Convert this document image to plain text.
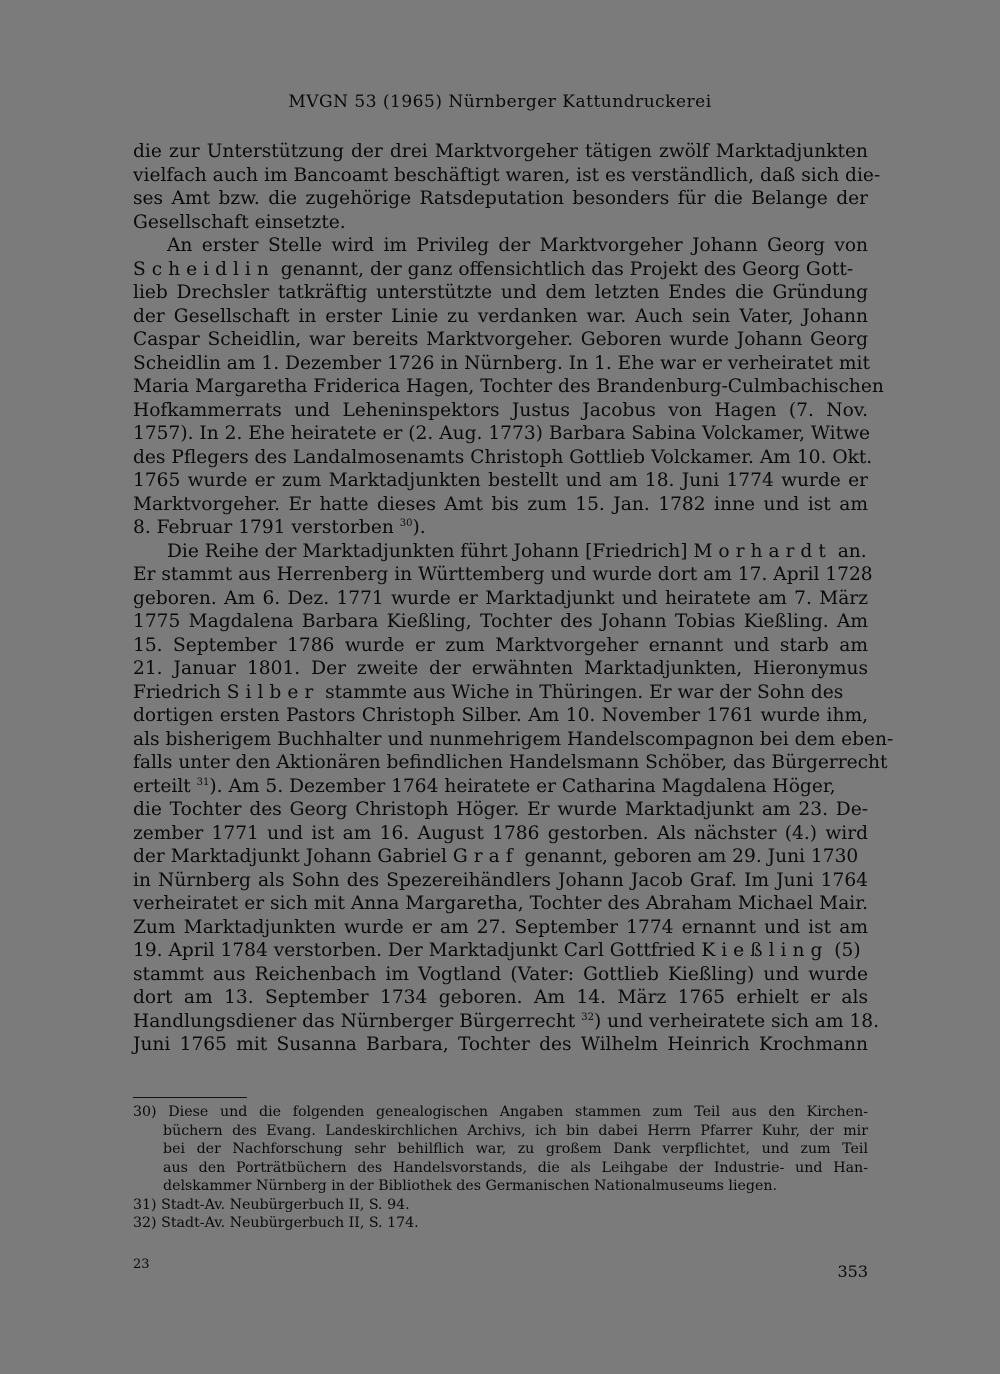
MVGN 53 (1965) Nürnberger Kattundruckerei
die zur Unterstützung der drei Marktvorgeher tätigen zwölf Marktadjunkten
vielfach auch im Bancoamt beschäftigt waren, ist es verständlich, daß sich die-
ses Amt bzw. die zugehörige Ratsdeputation besonders für die Belange der
Gesellschaft einsetzte.
An erster Stelle wird im Privileg der Marktvorgeher Johann Georg von
Scheidlin genannt, der ganz offensichtlich das Projekt des Georg Gott-
lieb Drechsler tatkräftig unterstützte und dem letzten Endes die Gründung
der Gesellschaft in erster Linie zu verdanken war. Auch sein Vater, Johann
Caspar Scheidlin, war bereits Marktvorgeher. Geboren wurde Johann Georg
Scheidlin am 1. Dezember 1726 in Nürnberg. In 1. Ehe war er verheiratet mit
Maria Margaretha Friderica Hagen, Tochter des Brandenburg-Culmbachischen
Hofkammerrats und Leheninspektors Justus Jacobus von Hagen (7. Nov.
1757). In 2. Ehe heiratete er (2. Aug. 1773) Barbara Sabina Volckamer, Witwe
des Pflegers des Landalmosenamts Christoph Gottlieb Volckamer. Am 10. Okt.
1765 wurde er zum Marktadjunkten bestellt und am 18. Juni 1774 wurde er
Marktvorgeher. Er hatte dieses Amt bis zum 15. Jan. 1782 inne und ist am
8. Februar 1791 verstorben $^{30}$).
Die Reihe der Marktadjunkten führt Johann [Friedrich] Morhardt an.
Er stammt aus Herrenberg in Württemberg und wurde dort am 17. April 1728
geboren. Am 6. Dez. 1771 wurde er Marktadjunkt und heiratete am 7. März
1775 Magdalena Barbara Kießling, Tochter des Johann Tobias Kießling. Am
15. September 1786 wurde er zum Marktvorgeher ernannt und starb am
21. Januar 1801. Der zweite der erwähnten Marktadjunkten, Hieronymus
Friedrich Silber stammte aus Wiche in Thüringen. Er war der Sohn des
dortigen ersten Pastors Christoph Silber. Am 10. November 1761 wurde ihm,
als bisherigem Buchhalter und nunmehrigem Handelscompagnon bei dem eben-
falls unter den Aktionären befindlichen Handelsmann Schöber, das Bürgerrecht
erteilt $^{31}$). Am 5. Dezember 1764 heiratete er Catharina Magdalena Höger,
die Tochter des Georg Christoph Höger. Er wurde Marktadjunkt am 23. De-
zember 1771 und ist am 16. August 1786 gestorben. Als nächster (4.) wird
der Marktadjunkt Johann Gabriel Graf genannt, geboren am 29. Juni 1730
in Nürnberg als Sohn des Spezereihändlers Johann Jacob Graf. Im Juni 1764
verheiratet er sich mit Anna Margaretha, Tochter des Abraham Michael Mair.
Zum Marktadjunkten wurde er am 27. September 1774 ernannt und ist am
19. April 1784 verstorben. Der Marktadjunkt Carl Gottfried Kießling (5)
stammt aus Reichenbach im Vogtland (Vater: Gottlieb Kießling) und wurde
dort am 13. September 1734 geboren. Am 14. März 1765 erhielt er als
Handlungsdiener das Nürnberger Bürgerrecht $^{32}$) und verheiratete sich am 18.
Juni 1765 mit Susanna Barbara, Tochter des Wilhelm Heinrich Krochmann
30) Diese und die folgenden genealogischen Angaben stammen zum Teil aus den Kirchen-
büchern des Evang. Landeskirchlichen Archivs, ich bin dabei Herrn Pfarrer Kuhr, der mir
bei der Nachforschung sehr behilflich war, zu großem Dank verpflichtet, und zum Teil
aus den Porträtbüchern des Handelsvorstands, die als Leihgabe der Industrie- und Han-
delskammer Nürnberg in der Bibliothek des Germanischen Nationalmuseums liegen.
31) Stadt-Av. Neubürgerbuch II, S. 94.
32) Stadt-Av. Neubürgerbuch II, S. 174.
23	353
